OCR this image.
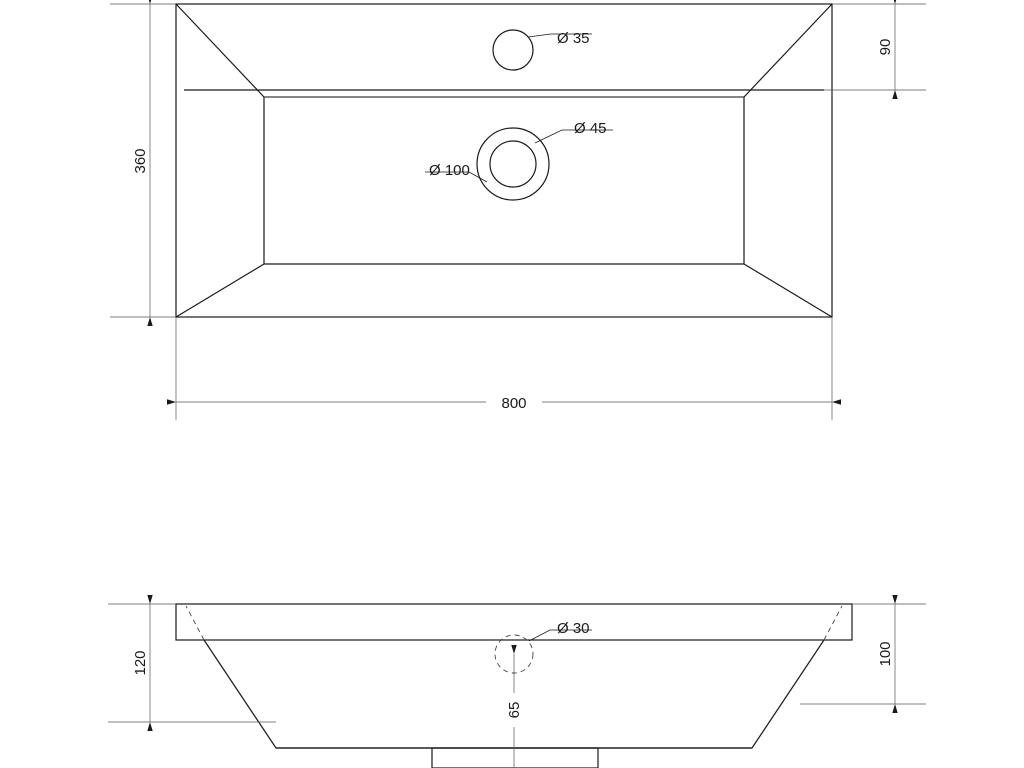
Ø 35
Ø 45
Ø 100
360
90
800
Ø 30
120	100
65
